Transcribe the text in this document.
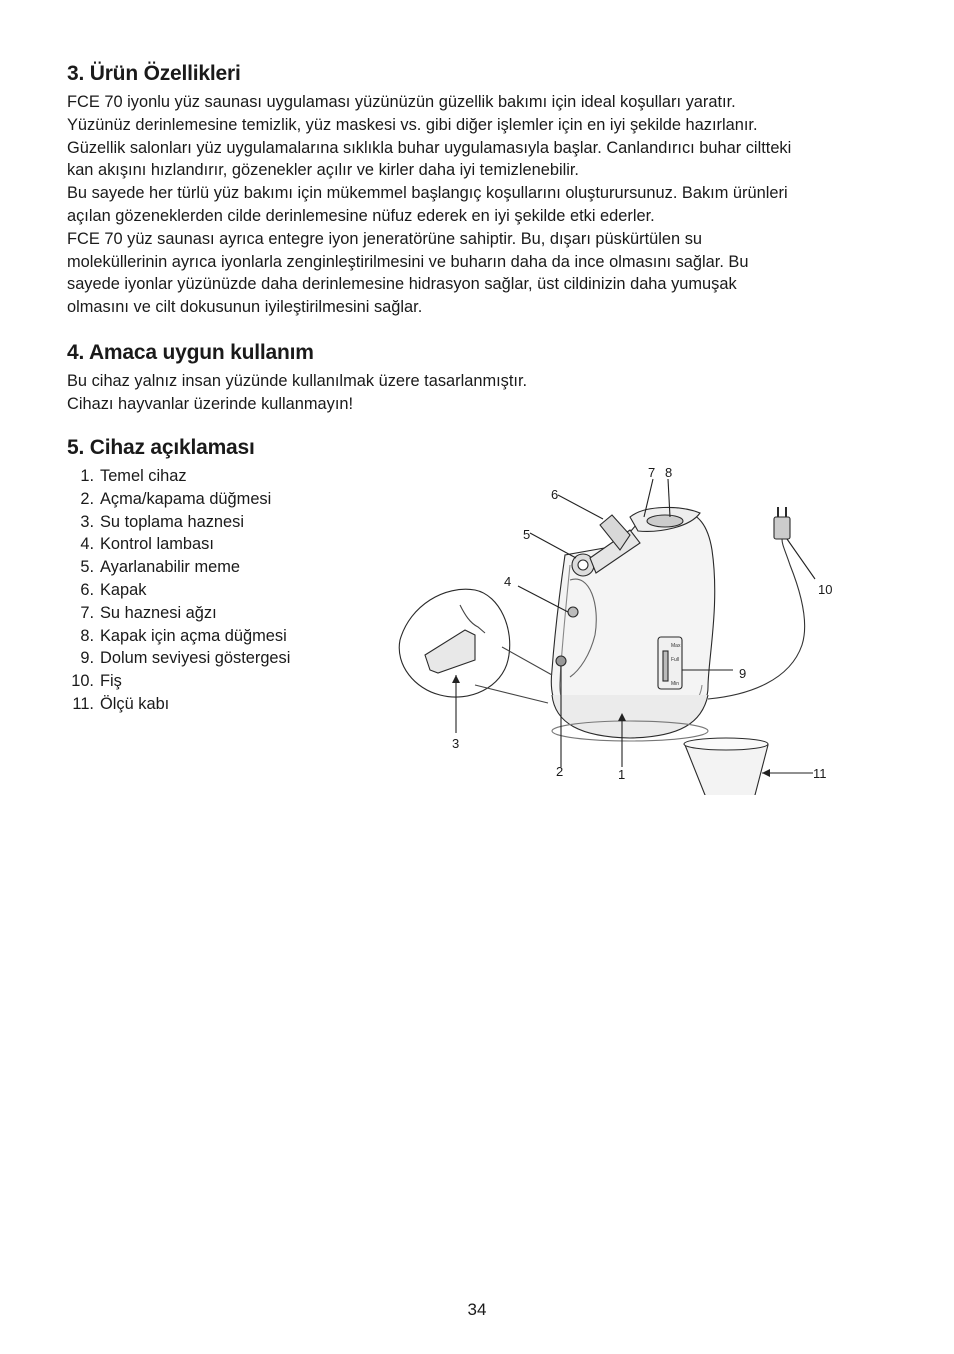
3. Ürün Özellikleri
FCE 70 iyonlu yüz saunası uygulaması yüzünüzün güzellik bakımı için ideal koşulları yaratır.
Yüzünüz derinlemesine temizlik, yüz maskesi vs. gibi diğer işlemler için en iyi şekilde hazırlanır.
Güzellik salonları yüz uygulamalarına sıklıkla buhar uygulamasıyla başlar. Canlandırıcı buhar ciltteki
kan akışını hızlandırır, gözenekler açılır ve kirler daha iyi temizlenebilir.
Bu sayede her türlü yüz bakımı için mükemmel başlangıç koşullarını oluşturursunuz. Bakım ürünleri
açılan gözeneklerden cilde derinlemesine nüfuz ederek en iyi şekilde etki ederler.
FCE 70 yüz saunası ayrıca entegre iyon jeneratörüne sahiptir. Bu, dışarı püskürtülen su
moleküllerinin ayrıca iyonlarla zenginleştirilmesini ve buharın daha da ince olmasını sağlar. Bu
sayede iyonlar yüzünüzde daha derinlemesine hidrasyon sağlar, üst cildinizin daha yumuşak
olmasını ve cilt dokusunun iyileştirilmesini sağlar.
4. Amaca uygun kullanım
Bu cihaz yalnız insan yüzünde kullanılmak üzere tasarlanmıştır.
Cihazı hayvanlar üzerinde kullanmayın!
5. Cihaz açıklaması
1. Temel cihaz
2. Açma/kapama düğmesi
3. Su toplama haznesi
4. Kontrol lambası
5. Ayarlanabilir meme
6. Kapak
7. Su haznesi ağzı
8. Kapak için açma düğmesi
9. Dolum seviyesi göstergesi
10. Fiş
11. Ölçü kabı
Max
Full
Min
1
2
3
4
5
6
7 8
9
10
11
34
